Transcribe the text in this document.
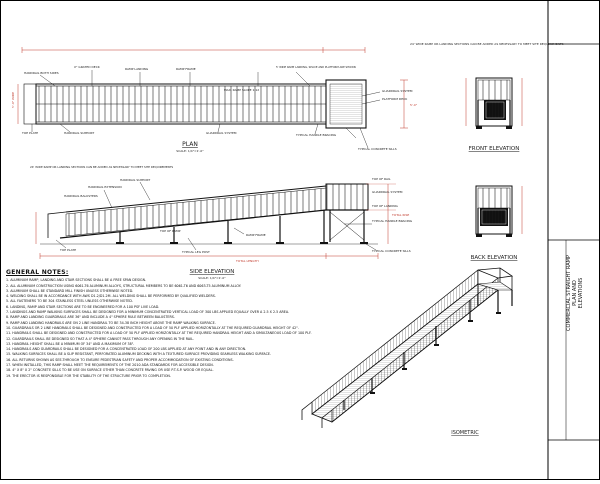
HANDRAIL BOTH SIDES
X" GRATED DECK	RAMP LANDING	RAMP FRAME
MAX. RAMP SLOPE 1:12
5' WIDE RAMP LANDING, SPLICE AND PLATFORM ARE SHOWN
TOE PLATE	HANDRAIL SUPPORT	GUARDRAIL SYSTEM
GUARDRAIL SYSTEM
PLATFORM DECK
TYPICAL HANDLE BRACING
TYPICAL CONCRETE SILLS
24' WIDE RAMP OR LANDING SECTIONS CAN BE ADDED AS NECESSARY TO MEET SITE REQUIREMENTS
5'-0" WIDE	5'-0"
PLAN
SCALE: 1/4"=1'-0"	FRONT ELEVATION
24' WIDE RAMP OR LANDING SECTIONS CAN BE ADDED AS NECESSARY TO MEET SITE REQUIREMENTS
HANDRAIL SUPPORT
HANDRAIL EXTENSION
HANDRAIL BALUSTERS
TOP OF RAIL
GUARDRAIL SYSTEM
TOP OF LANDING
TYPICAL HANDLE BRACING
RAMP FRAME
TOP OF RAMP
TYPICAL LEG POST
TOE PLATE	TYPICAL CONCRETE SILLS
TOTAL LENGTH
TOTAL RISE
SIDE ELEVATION
SCALE: 1/4"=1'-0"
BACK ELEVATION
ISOMETRIC
GENERAL NOTES:
1. ALUMINUM RAMP, LANDING AND STAIR SECTIONS SHALL BE A FREE SPAN DESIGN.
2. ALL ALUMINUM CONSTRUCTION USING 6061-T6 ALUMINUM ALLOYS, STRUCTURAL MEMBERS TO BE 6061-T6 AND 6063-T5 ALUMINUM ALLOY.
3. ALUMINUM SHALL BE STANDARD MILL FINISH UNLESS OTHERWISE NOTED.
4. WELDING SHALL BE IN ACCORDANCE WITH AWS D1.2/D1.2M. ALL WELDING SHALL BE PERFORMED BY QUALIFIED WELDERS.
5. ALL FASTENERS TO BE 304 STAINLESS STEEL UNLESS OTHERWISE NOTED.
6. LANDING, RAMP AND STAIR SECTIONS ARE TO BE ENGINEERED FOR A 100 PSF LIVE LOAD.
7. LANDINGS AND RAMP WALKING SURFACES SHALL BE DESIGNED FOR A MINIMUM CONCENTRATED VERTICAL LOAD OF 300 LBS APPLIED EQUALLY OVER A 2.5 X 2.5 AREA.
8. RAMP AND LANDING GUARDRAILS ARE 36" AND INCLUDE A 4" SPHERE RULE BETWEEN BALUSTERS.
9. RAMP AND LANDING HANDRAILS ARE ON 2 LINE HANDRAIL TO BE 34-38 INCH HEIGHT ABOVE THE RAMP WALKING SURFACE.
10. GUARDRAILS OR 2 LINE HANDRAILS SHALL BE DESIGNED AND CONSTRUCTED FOR A LOAD OF 50 PLF APPLIED HORIZONTALLY AT THE REQUIRED GUARDRAIL HEIGHT OF 42".
11. HANDRAILS SHALL BE DESIGNED AND CONSTRUCTED FOR A LOAD OF 50 PLF APPLIED HORIZONTALLY AT THE REQUIRED HANDRAIL HEIGHT AND A SIMULTANEOUS LOAD OF 100 PLF.
12. GUARDRAILS SHALL BE DESIGNED SO THAT A 4" SPHERE CANNOT PASS THROUGH ANY OPENING IN THE RAIL.
13. HANDRAIL HEIGHT SHALL BE A MINIMUM OF 34" AND A MAXIMUM OF 38".
14. HANDRAILS AND GUARDRAILS SHALL BE DESIGNED FOR A CONCENTRATED LOAD OF 200 LBS APPLIED AT ANY POINT AND IN ANY DIRECTION.
15. WALKING SURFACES SHALL BE A SLIP RESISTANT, PERFORATED ALUMINUM DECKING WITH A TEXTURED SURFACE PROVIDING SEAMLESS WALKING SURFACE.
16. ALL RETURNS SHOWN AS SEE-THROUGH TO ENSURE PEDESTRIAN SAFETY AND PROPER ACCOMMODATION OF EXISTING CONDITIONS.
17. WHEN INSTALLED, THIS RAMP SHALL MEET THE REQUIREMENTS OF THE 2010 ADA STANDARDS FOR ACCESSIBLE DESIGN.
18. 4" X 8" X 2" CONCRETE SILLS TO BE USE ON SURFACE OTHER THAN CONCRETE PAVING OR USE P.T.S.P. WOOD OR EQUAL.
19. THE ERECTOR IS RESPONSIBLE FOR THE STABILITY OF THE STRUCTURE PRIOR TO COMPLETION.
COMMERCIAL STRAIGHT RAMP PLAN AND ELEVATIONS
